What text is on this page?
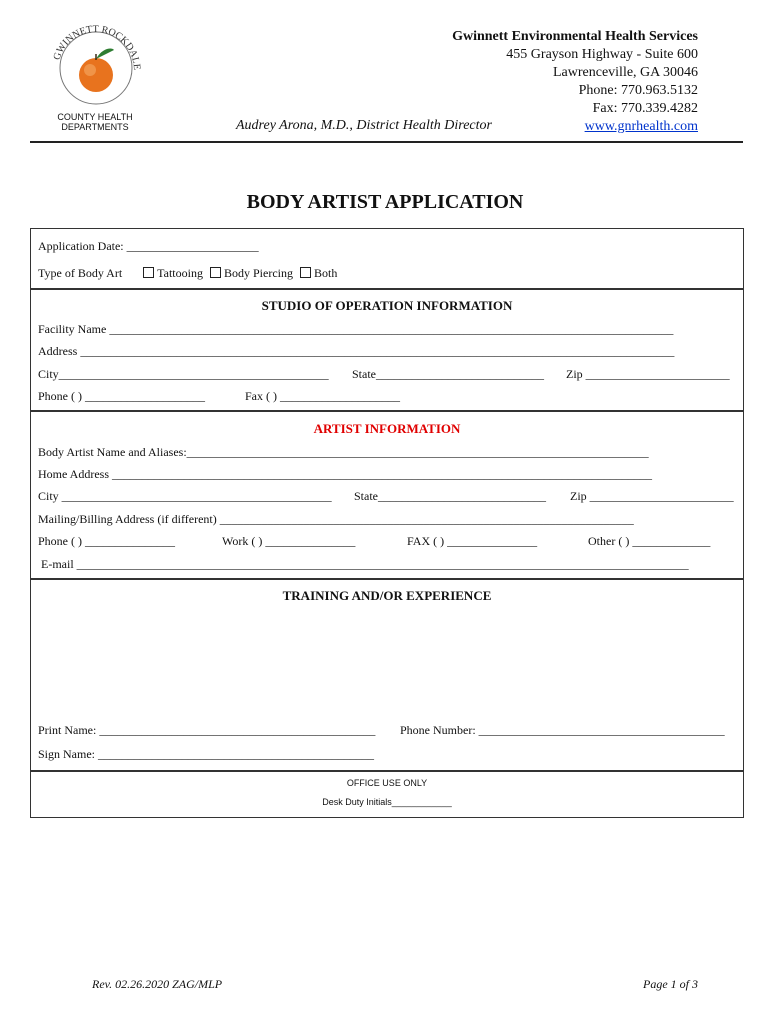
GWINNETT ROCKDALE
COUNTY HEALTH
DEPARTMENTS
Gwinnett Environmental Health Services
455 Grayson Highway - Suite 600
Lawrenceville, GA 30046
Phone: 770.963.5132
Fax: 770.339.4282
www.gnrhealth.com
Audrey Arona, M.D., District Health Director
BODY ARTIST APPLICATION
Application Date: ______________________
Type of Body Art	Tattooing Body Piercing Both
STUDIO OF OPERATION INFORMATION
Facility Name ______________________________________________________________________________________________
Address ___________________________________________________________________________________________________
City_____________________________________________ State____________________________ Zip ________________________
Phone ( ) ____________________	Fax ( ) ____________________
ARTIST INFORMATION
Body Artist Name and Aliases:_____________________________________________________________________________
Home Address __________________________________________________________________________________________
City _____________________________________________ State____________________________ Zip ________________________
Mailing/Billing Address (if different) _____________________________________________________________________
Phone ( ) _______________	Work ( ) _______________	FAX ( ) _______________	Other ( ) _____________
E-mail ______________________________________________________________________________________________________
TRAINING AND/OR EXPERIENCE
Print Name: ______________________________________________ Phone Number: _________________________________________
Sign Name: ______________________________________________
OFFICE USE ONLY
Desk Duty Initials____________
Rev. 02.26.2020 ZAG/MLP	Page 1 of 3
